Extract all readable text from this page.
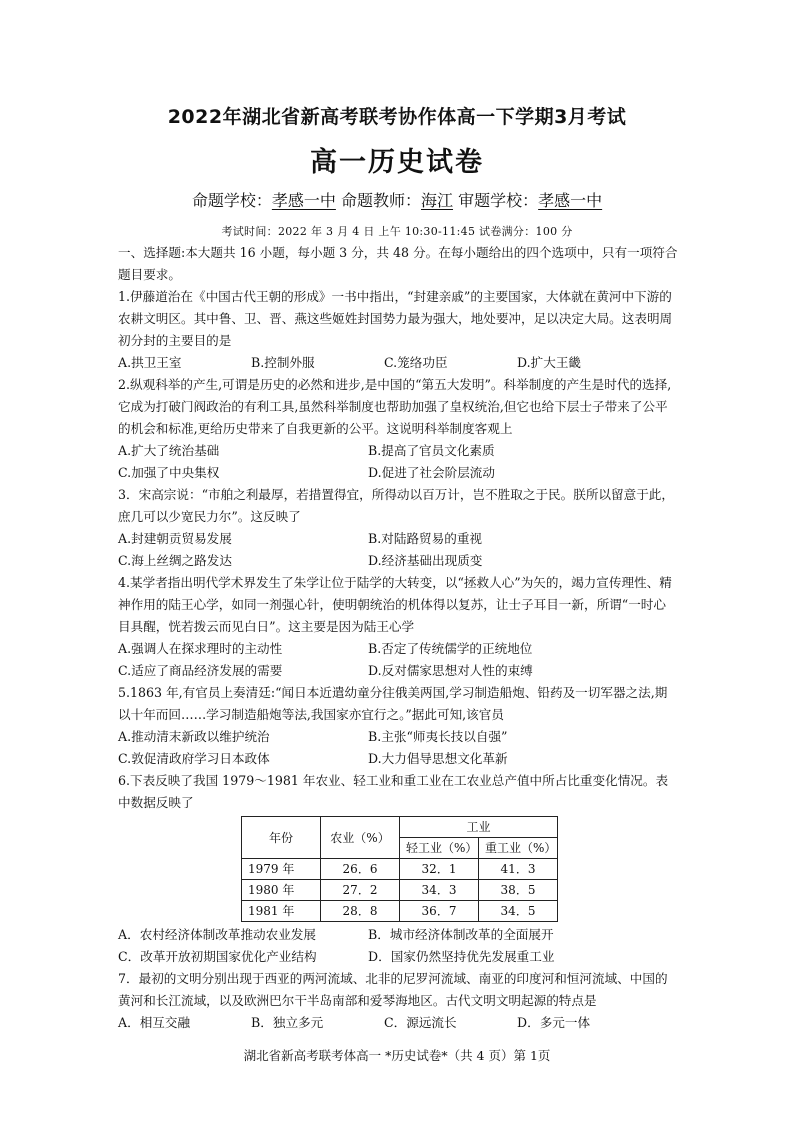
2022年湖北省新高考联考协作体高一下学期3月考试
高一历史试卷
命题学校：孝感一中 命题教师：海江 审题学校：孝感一中
考试时间：2022 年 3 月 4 日 上午 10:30-11:45 试卷满分：100 分

一、选择题:本大题共 16 小题，每小题 3 分，共 48 分。在每小题给出的四个选项中，只有一项符合题目要求。

1.伊藤道治在《中国古代王朝的形成》一书中指出，“封建亲戚”的主要国家，大体就在黄河中下游的农耕文明区。其中鲁、卫、晋、燕这些姬姓封国势力最为强大，地处要冲，足以决定大局。这表明周初分封的主要目的是

A.拱卫王室	B.控制外服	C.笼络功臣	D.扩大王畿

2.纵观科举的产生,可谓是历史的必然和进步,是中国的“第五大发明”。科举制度的产生是时代的选择,它成为打破门阀政治的有利工具,虽然科举制度也帮助加强了皇权统治,但它也给下层士子带来了公平的机会和标准,更给历史带来了自我更新的公平。这说明科举制度客观上

A.扩大了统治基础	B.提高了官员文化素质
C.加强了中央集权	D.促进了社会阶层流动

3．宋高宗说：“市舶之利最厚，若措置得宜，所得动以百万计，岂不胜取之于民。朕所以留意于此，庶几可以少宽民力尔”。这反映了

A.封建朝贡贸易发展	B.对陆路贸易的重视
C.海上丝绸之路发达	D.经济基础出现质变

4.某学者指出明代学术界发生了朱学让位于陆学的大转变，以“拯救人心”为矢的，竭力宣传理性、精神作用的陆王心学，如同一剂强心针，使明朝统治的机体得以复苏，让士子耳目一新，所谓“一时心目具醒，恍若拨云而见白日”。这主要是因为陆王心学

A.强调人在探求理时的主动性	B.否定了传统儒学的正统地位
C.适应了商品经济发展的需要	D.反对儒家思想对人性的束缚

5.1863 年,有官员上奏清廷:“闻日本近遣幼童分往俄美两国,学习制造船炮、铅药及一切军器之法,期以十年而回……学习制造船炮等法,我国家亦宜行之。”据此可知,该官员

A.推动清末新政以维护统治	B.主张“师夷长技以自强”
C.敦促清政府学习日本政体	D.大力倡导思想文化革新

6.下表反映了我国 1979～1981 年农业、轻工业和重工业在工农业总产值中所占比重变化情况。表中数据反映了

年份	农业（%）	工业	
		轻工业（%）	重工业（%）
1979 年	26．6	32．1	41．3
1980 年	27．2	34．3	38．5
1981 年	28．8	36．7	34．5
A．农村经济体制改革推动农业发展	B．城市经济体制改革的全面展开
C．改革开放初期国家优化产业结构	D．国家仍然坚持优先发展重工业

7．最初的文明分别出现于西亚的两河流域、北非的尼罗河流域、南亚的印度河和恒河流域、中国的黄河和长江流域，以及欧洲巴尔干半岛南部和爱琴海地区。古代文明文明起源的特点是

A．相互交融	B．独立多元	C．源远流长	D．多元一体
湖北省新高考联考体高一 *历史试卷*（共 4 页）第 1页
